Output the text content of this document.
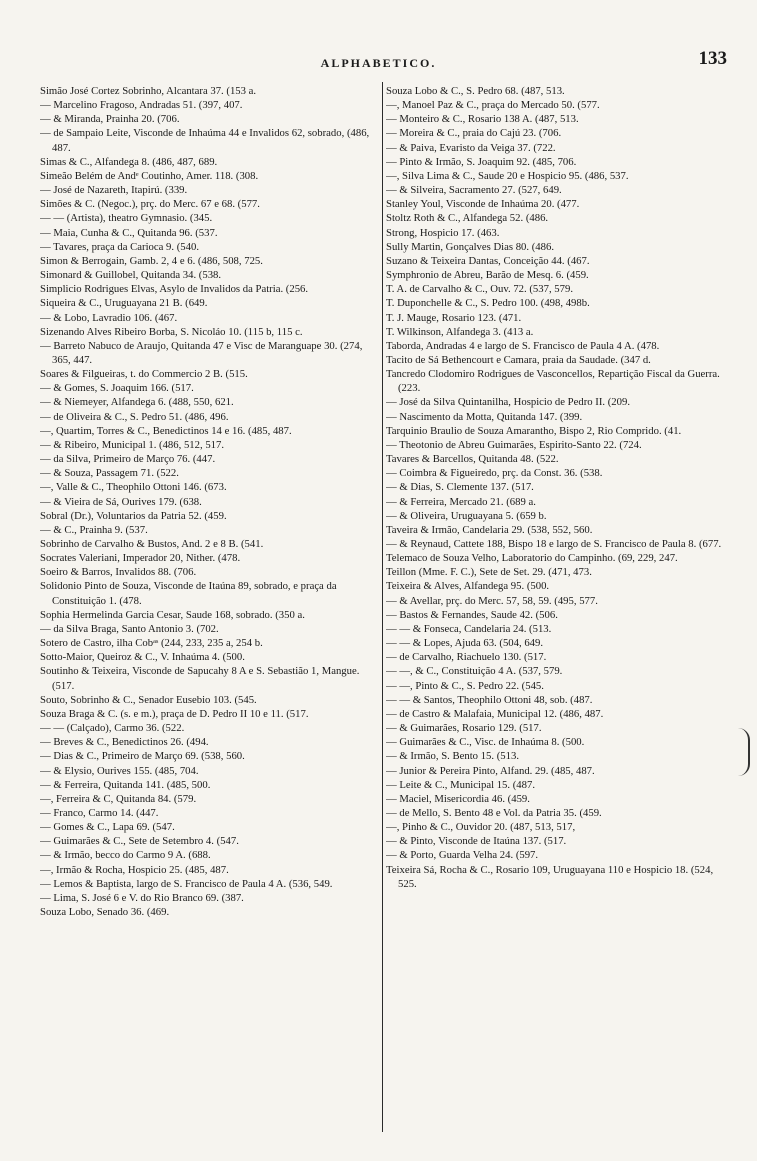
ALPHABETICO.	133

Simão José Cortez Sobrinho, Alcantara 37. (153 a.

— Marcelino Fragoso, Andradas 51. (397, 407.

— & Miranda, Prainha 20. (706.

— de Sampaio Leite, Visconde de Inhaúma 44 e Invalidos 62, sobrado, (486, 487.

Simas & C., Alfandega 8. (486, 487, 689.

Simeão Belém de Andᵉ Coutinho, Amer. 118. (308.

— José de Nazareth, Itapirú. (339.

Simões & C. (Negoc.), prç. do Merc. 67 e 68. (577.

— — (Artista), theatro Gymnasio. (345.

— Maia, Cunha & C., Quitanda 96. (537.

— Tavares, praça da Carioca 9. (540.

Simon & Berrogain, Gamb. 2, 4 e 6. (486, 508, 725.

Simonard & Guillobel, Quitanda 34. (538.

Simplicio Rodrigues Elvas, Asylo de Invalidos da Patria. (256.

Siqueira & C., Uruguayana 21 B. (649.

— & Lobo, Lavradio 106. (467.

Sizenando Alves Ribeiro Borba, S. Nicoláo 10. (115 b, 115 c.

— Barreto Nabuco de Araujo, Quitanda 47 e Visc de Maranguape 30. (274, 365, 447.

Soares & Filgueiras, t. do Commercio 2 B. (515.

— & Gomes, S. Joaquim 166. (517.

— & Niemeyer, Alfandega 6. (488, 550, 621.

— de Oliveira & C., S. Pedro 51. (486, 496.

—, Quartim, Torres & C., Benedictinos 14 e 16. (485, 487.

— & Ribeiro, Municipal 1. (486, 512, 517.

— da Silva, Primeiro de Março 76. (447.

— & Souza, Passagem 71. (522.

—, Valle & C., Theophilo Ottoni 146. (673.

— & Vieira de Sá, Ourives 179. (638.

Sobral (Dr.), Voluntarios da Patria 52. (459.

— & C., Prainha 9. (537.

Sobrinho de Carvalho & Bustos, And. 2 e 8 B. (541.

Socrates Valeriani, Imperador 20, Nither. (478.

Soeiro & Barros, Invalidos 88. (706.

Solidonio Pinto de Souza, Visconde de Itaúna 89, sobrado, e praça da Constituição 1. (478.

Sophia Hermelinda Garcia Cesar, Saude 168, sobrado. (350 a.

— da Silva Braga, Santo Antonio 3. (702.

Sotero de Castro, ilha Cobᵃˢ (244, 233, 235 a, 254 b.

Sotto-Maior, Queiroz & C., V. Inhaúma 4. (500.

Soutinho & Teixeira, Visconde de Sapucahy 8 A e S. Sebastião 1, Mangue. (517.

Souto, Sobrinho & C., Senador Eusebio 103. (545.

Souza Braga & C. (s. e m.), praça de D. Pedro II 10 e 11. (517.

— — (Calçado), Carmo 36. (522.

— Breves & C., Benedictinos 26. (494.

— Dias & C., Primeiro de Março 69. (538, 560.

— & Elysio, Ourives 155. (485, 704.

— & Ferreira, Quitanda 141. (485, 500.

—, Ferreira & C, Quitanda 84. (579.

— Franco, Carmo 14. (447.

— Gomes & C., Lapa 69. (547.

— Guimarães & C., Sete de Setembro 4. (547.

— & Irmão, becco do Carmo 9 A. (688.

—, Irmão & Rocha, Hospicio 25. (485, 487.

— Lemos & Baptista, largo de S. Francisco de Paula 4 A. (536, 549.

— Lima, S. José 6 e V. do Rio Branco 69. (387.

Souza Lobo, Senado 36. (469.

Souza Lobo & C., S. Pedro 68. (487, 513.

—, Manoel Paz & C., praça do Mercado 50. (577.

— Monteiro & C., Rosario 138 A. (487, 513.

— Moreira & C., praia do Cajú 23. (706.

— & Paiva, Evaristo da Veiga 37. (722.

— Pinto & Irmão, S. Joaquim 92. (485, 706.

—, Silva Lima & C., Saude 20 e Hospicio 95. (486, 537.

— & Silveira, Sacramento 27. (527, 649.

Stanley Youl, Visconde de Inhaúma 20. (477.

Stoltz Roth & C., Alfandega 52. (486.

Strong, Hospicio 17. (463.

Sully Martin, Gonçalves Dias 80. (486.

Suzano & Teixeira Dantas, Conceição 44. (467.

Symphronio de Abreu, Barão de Mesq. 6. (459.

T. A. de Carvalho & C., Ouv. 72. (537, 579.

T. Duponchelle & C., S. Pedro 100. (498, 498b.

T. J. Mauge, Rosario 123. (471.

T. Wilkinson, Alfandega 3. (413 a.

Taborda, Andradas 4 e largo de S. Francisco de Paula 4 A. (478.

Tacito de Sá Bethencourt e Camara, praia da Saudade. (347 d.

Tancredo Clodomiro Rodrigues de Vasconcellos, Repartição Fiscal da Guerra. (223.

— José da Silva Quintanilha, Hospicio de Pedro II. (209.

— Nascimento da Motta, Quitanda 147. (399.

Tarquinio Braulio de Souza Amarantho, Bispo 2, Rio Comprido. (41.

— Theotonio de Abreu Guimarães, Espirito-Santo 22. (724.

Tavares & Barcellos, Quitanda 48. (522.

— Coimbra & Figueiredo, prç. da Const. 36. (538.

— & Dias, S. Clemente 137. (517.

— & Ferreira, Mercado 21. (689 a.

— & Oliveira, Uruguayana 5. (659 b.

Taveira & Irmão, Candelaria 29. (538, 552, 560.

— & Reynaud, Cattete 188, Bispo 18 e largo de S. Francisco de Paula 8. (677.

Telemaco de Souza Velho, Laboratorio do Campinho. (69, 229, 247.

Teillon (Mme. F. C.), Sete de Set. 29. (471, 473.

Teixeira & Alves, Alfandega 95. (500.

— & Avellar, prç. do Merc. 57, 58, 59. (495, 577.

— Bastos & Fernandes, Saude 42. (506.

— — & Fonseca, Candelaria 24. (513.

— — & Lopes, Ajuda 63. (504, 649.

— de Carvalho, Riachuelo 130. (517.

— —, & C., Constituição 4 A. (537, 579.

— —, Pinto & C., S. Pedro 22. (545.

— — & Santos, Theophilo Ottoni 48, sob. (487.

— de Castro & Malafaia, Municipal 12. (486, 487.

— & Guimarães, Rosario 129. (517.

— Guimarães & C., Visc. de Inhaúma 8. (500.

— & Irmão, S. Bento 15. (513.

— Junior & Pereira Pinto, Alfand. 29. (485, 487.

— Leite & C., Municipal 15. (487.

— Maciel, Misericordia 46. (459.

— de Mello, S. Bento 48 e Vol. da Patria 35. (459.

—, Pinho & C., Ouvidor 20. (487, 513, 517,

— & Pinto, Visconde de Itaúna 137. (517.

— & Porto, Guarda Velha 24. (597.

Teixeira Sá, Rocha & C., Rosario 109, Uruguayana 110 e Hospicio 18. (524, 525.
